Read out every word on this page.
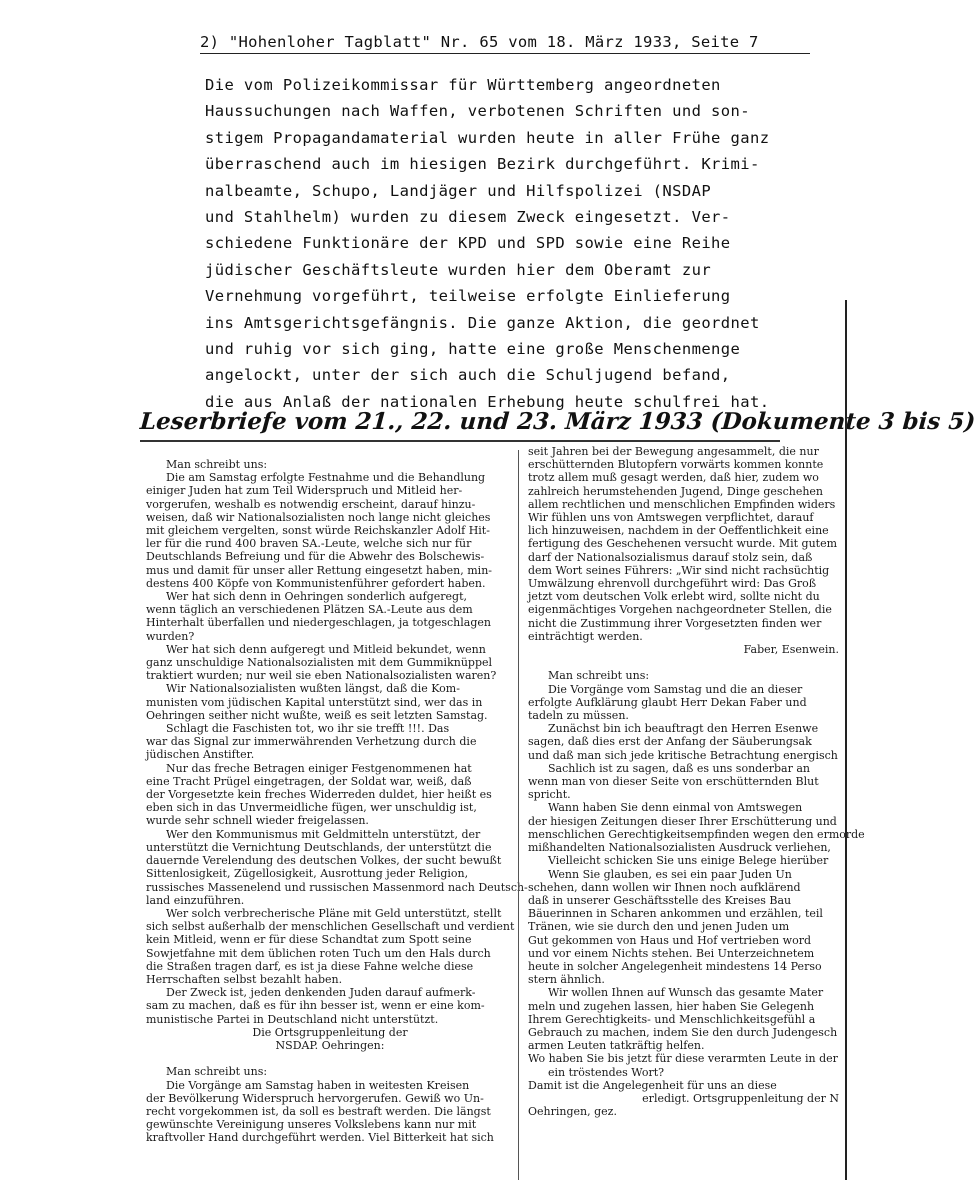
2) "Hohenloher Tagblatt" Nr. 65 vom 18. März 1933, Seite 7
Die vom Polizeikommissar für Württemberg angeordneten
Haussuchungen nach Waffen, verbotenen Schriften und son-
stigem Propagandamaterial wurden heute in aller Frühe ganz
überraschend auch im hiesigen Bezirk durchgeführt. Krimi-
nalbeamte, Schupo, Landjäger und Hilfspolizei (NSDAP
und Stahlhelm) wurden zu diesem Zweck eingesetzt. Ver-
schiedene Funktionäre der KPD und SPD sowie eine Reihe
jüdischer Geschäftsleute wurden hier dem Oberamt zur
Vernehmung vorgeführt, teilweise erfolgte Einlieferung
ins Amtsgerichtsgefängnis. Die ganze Aktion, die geordnet
und ruhig vor sich ging, hatte eine große Menschenmenge
angelockt, unter der sich auch die Schuljugend befand,
die aus Anlaß der nationalen Erhebung heute schulfrei hat.
Leserbriefe vom 21., 22. und 23. März 1933 (Dokumente 3 bis 5)
Man schreibt uns:
Die am Samstag erfolgte Festnahme und die Behandlung
einiger Juden hat zum Teil Widerspruch und Mitleid her-
vorgerufen, weshalb es notwendig erscheint, darauf hinzu-
weisen, daß wir Nationalsozialisten noch lange nicht gleiches
mit gleichem vergelten, sonst würde Reichskanzler Adolf Hit-
ler für die rund 400 braven SA.-Leute, welche sich nur für
Deutschlands Befreiung und für die Abwehr des Bolschewis-
mus und damit für unser aller Rettung eingesetzt haben, min-
destens 400 Köpfe von Kommunistenführer gefordert haben.
Wer hat sich denn in Oehringen sonderlich aufgeregt,
wenn täglich an verschiedenen Plätzen SA.-Leute aus dem
Hinterhalt überfallen und niedergeschlagen, ja totgeschlagen
wurden?
Wer hat sich denn aufgeregt und Mitleid bekundet, wenn
ganz unschuldige Nationalsozialisten mit dem Gummiknüppel
traktiert wurden; nur weil sie eben Nationalsozialisten waren?
Wir Nationalsozialisten wußten längst, daß die Kom-
munisten vom jüdischen Kapital unterstützt sind, wer das in
Oehringen seither nicht wußte, weiß es seit letzten Samstag.
Schlagt die Faschisten tot, wo ihr sie trefft !!!. Das
war das Signal zur immerwährenden Verhetzung durch die
jüdischen Anstifter.
Nur das freche Betragen einiger Festgenommenen hat
eine Tracht Prügel eingetragen, der Soldat war, weiß, daß
der Vorgesetzte kein freches Widerreden duldet, hier heißt es
eben sich in das Unvermeidliche fügen, wer unschuldig ist,
wurde sehr schnell wieder freigelassen.
Wer den Kommunismus mit Geldmitteln unterstützt, der
unterstützt die Vernichtung Deutschlands, der unterstützt die
dauernde Verelendung des deutschen Volkes, der sucht bewußt
Sittenlosigkeit, Zügellosigkeit, Ausrottung jeder Religion,
russisches Massenelend und russischen Massenmord nach Deutsch-
land einzuführen.
Wer solch verbrecherische Pläne mit Geld unterstützt, stellt
sich selbst außerhalb der menschlichen Gesellschaft und verdient
kein Mitleid, wenn er für diese Schandtat zum Spott seine
Sowjetfahne mit dem üblichen roten Tuch um den Hals durch
die Straßen tragen darf, es ist ja diese Fahne welche diese
Herrschaften selbst bezahlt haben.
Der Zweck ist, jeden denkenden Juden darauf aufmerk-
sam zu machen, daß es für ihn besser ist, wenn er eine kom-
munistische Partei in Deutschland nicht unterstützt.
Die Ortsgruppenleitung der
NSDAP. Oehringen:

Man schreibt uns:
Die Vorgänge am Samstag haben in weitesten Kreisen
der Bevölkerung Widerspruch hervorgerufen. Gewiß wo Un-
recht vorgekommen ist, da soll es bestraft werden. Die längst
gewünschte Vereinigung unseres Volkslebens kann nur mit
kraftvoller Hand durchgeführt werden. Viel Bitterkeit hat sich
seit Jahren bei der Bewegung angesammelt, die nur
erschütternden Blutopfern vorwärts kommen konnte
trotz allem muß gesagt werden, daß hier, zudem wo
zahlreich herumstehenden Jugend, Dinge geschehen
allem rechtlichen und menschlichen Empfinden widers
Wir fühlen uns von Amtswegen verpflichtet, darauf
lich hinzuweisen, nachdem in der Oeffentlichkeit eine
fertigung des Geschehenen versucht wurde. Mit gutem
darf der Nationalsozialismus darauf stolz sein, daß
dem Wort seines Führers: „Wir sind nicht rachsüchtig
Umwälzung ehrenvoll durchgeführt wird: Das Groß
jetzt vom deutschen Volk erlebt wird, sollte nicht du
eigenmächtiges Vorgehen nachgeordneter Stellen, die
nicht die Zustimmung ihrer Vorgesetzten finden wer
einträchtigt werden.
Faber, Esenwein.

Man schreibt uns:
Die Vorgänge vom Samstag und die an dieser
erfolgte Aufklärung glaubt Herr Dekan Faber und
tadeln zu müssen.
Zunächst bin ich beauftragt den Herren Esenwe
sagen, daß dies erst der Anfang der Säuberungsak
und daß man sich jede kritische Betrachtung energisch
Sachlich ist zu sagen, daß es uns sonderbar an
wenn man von dieser Seite von erschütternden Blut
spricht.
Wann haben Sie denn einmal von Amtswegen
der hiesigen Zeitungen dieser Ihrer Erschütterung und
menschlichen Gerechtigkeitsempfinden wegen den ermorde
mißhandelten Nationalsozialisten Ausdruck verliehen,
Vielleicht schicken Sie uns einige Belege hierüber
Wenn Sie glauben, es sei ein paar Juden Un
schehen, dann wollen wir Ihnen noch aufklärend
daß in unserer Geschäftsstelle des Kreises Bau
Bäuerinnen in Scharen ankommen und erzählen, teil
Tränen, wie sie durch den und jenen Juden um
Gut gekommen von Haus und Hof vertrieben word
und vor einem Nichts stehen. Bei Unterzeichnetem
heute in solcher Angelegenheit mindestens 14 Perso
stern ähnlich.
Wir wollen Ihnen auf Wunsch das gesamte Mater
meln und zugehen lassen, hier haben Sie Gelegenh
Ihrem Gerechtigkeits- und Menschlichkeitsgefühl a
Gebrauch zu machen, indem Sie den durch Judengesch
armen Leuten tatkräftig helfen.
Wo haben Sie bis jetzt für diese verarmten Leute in der
ein tröstendes Wort?
Damit ist die Angelegenheit für uns an diese
erledigt. Ortsgruppenleitung der N
Oehringen, gez.
